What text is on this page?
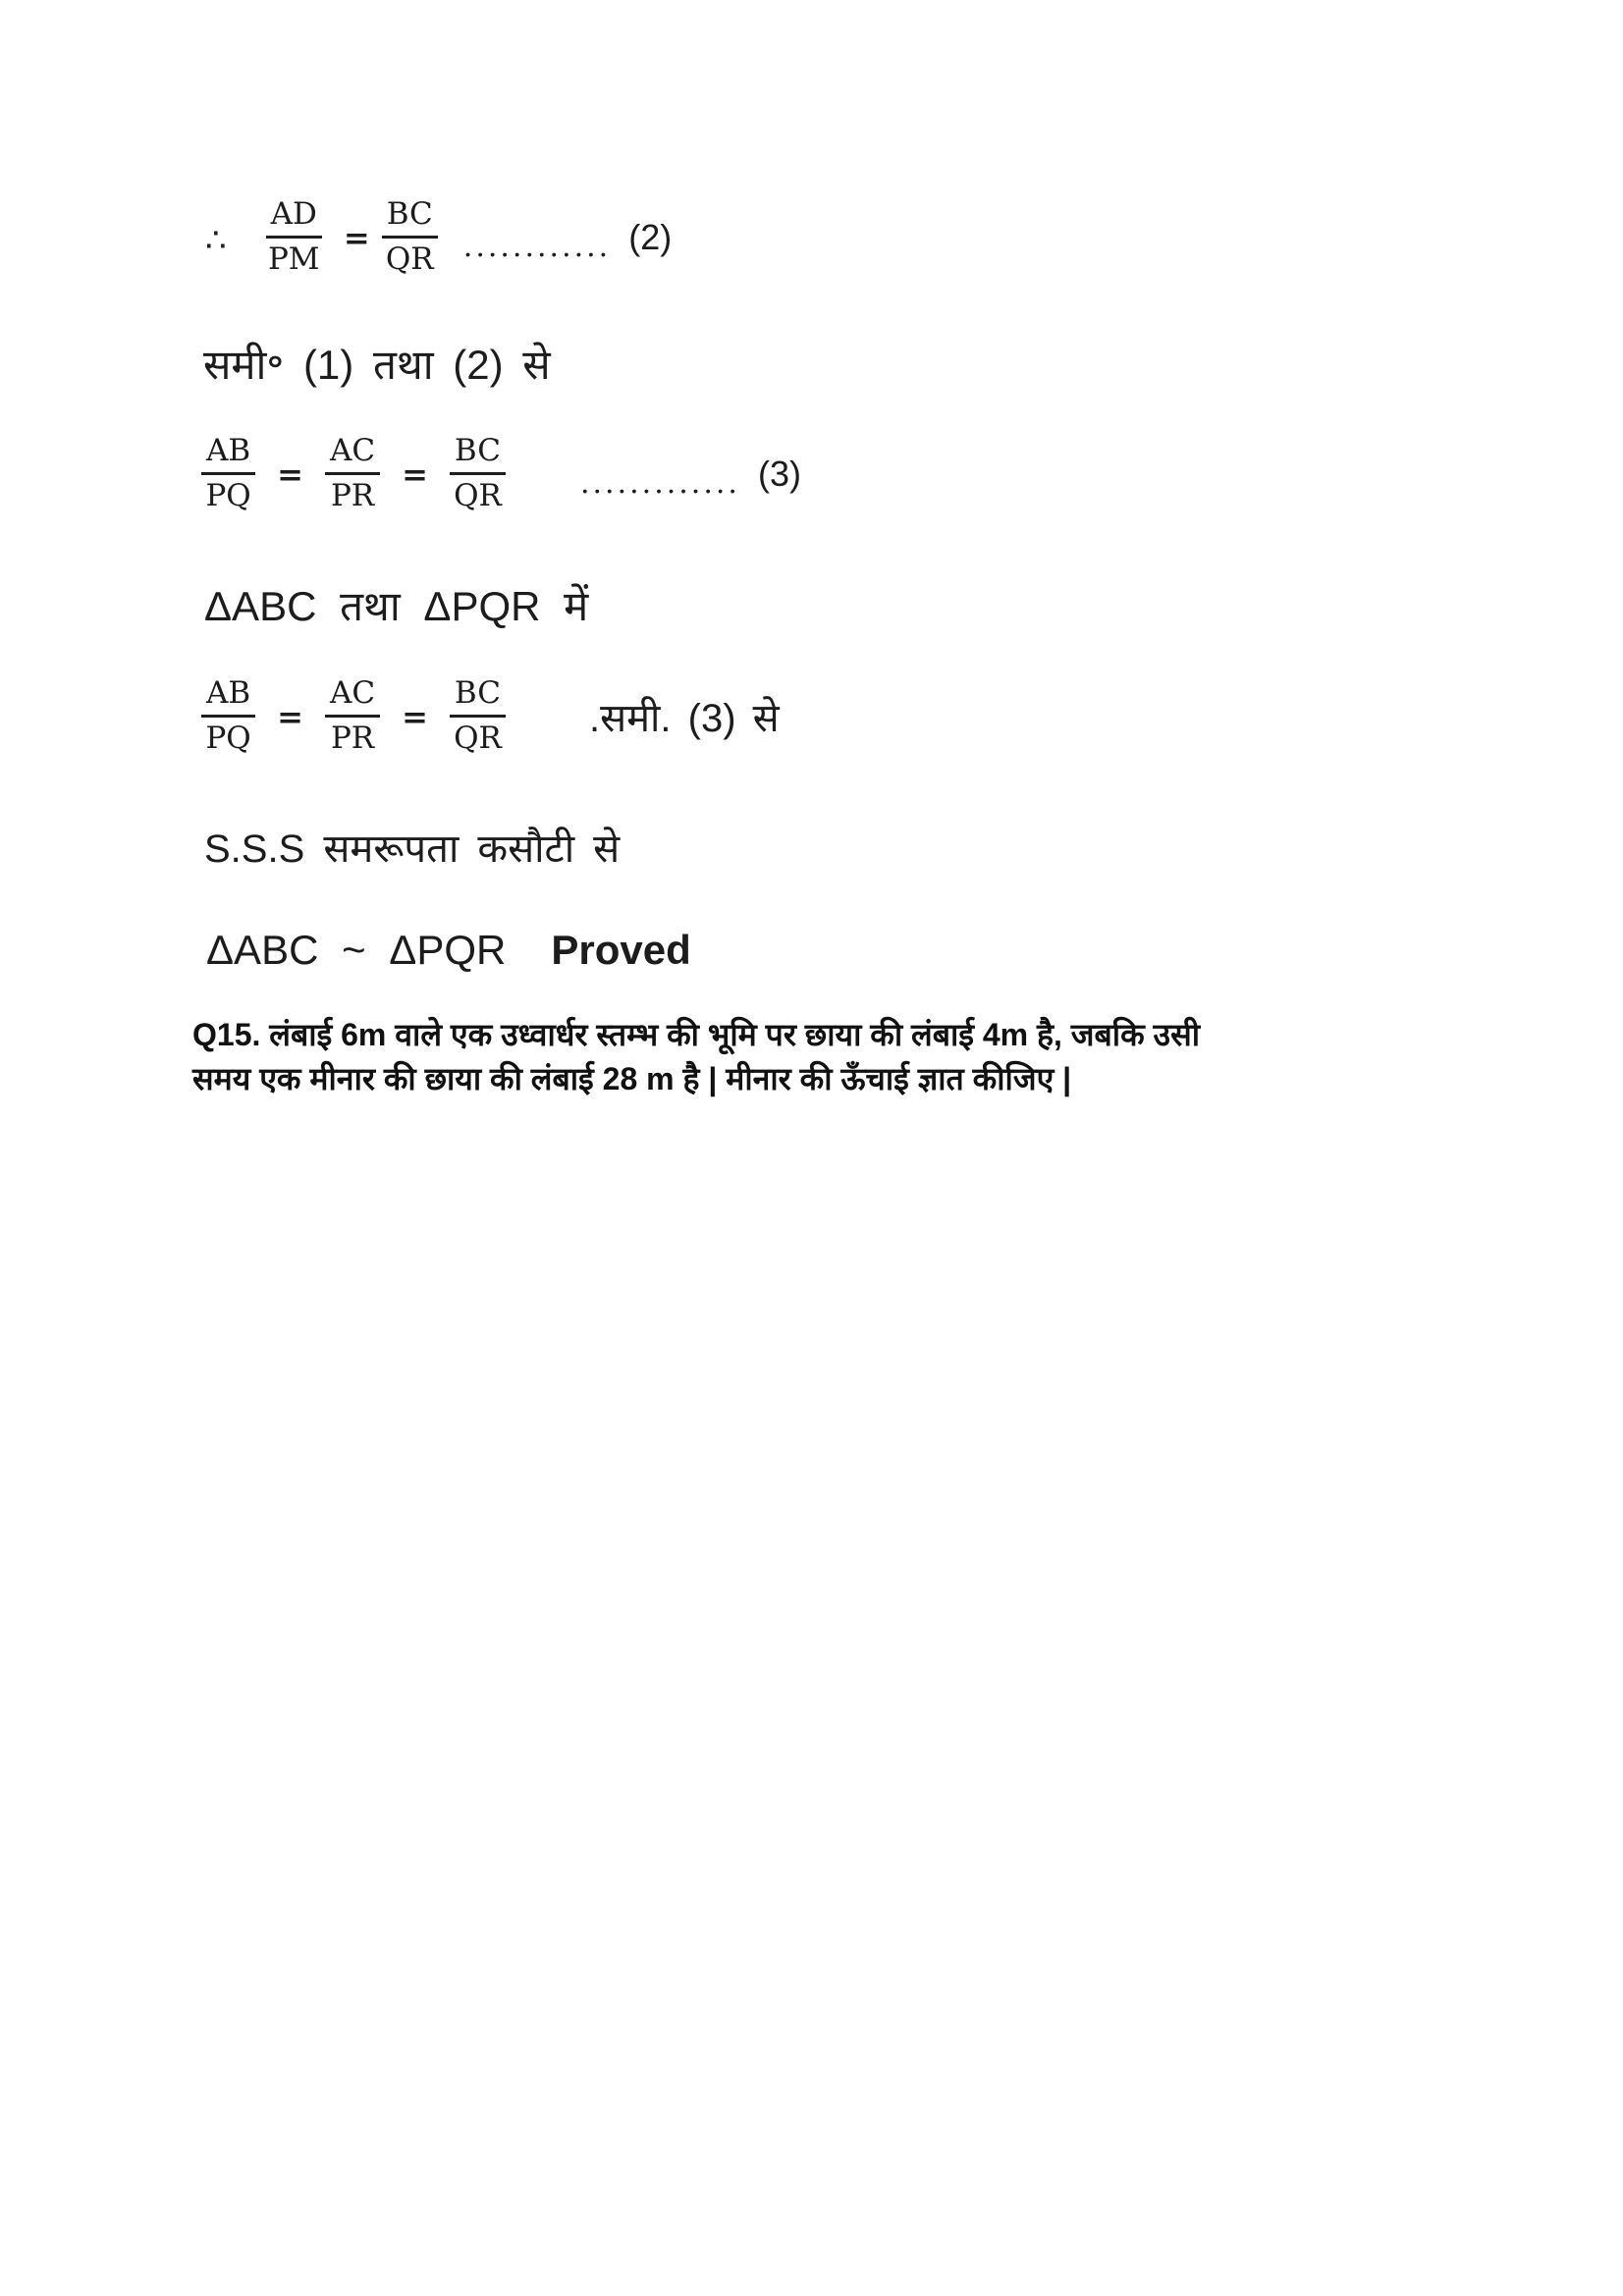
∴ $\frac{AD}{PM} = \frac{BC}{QR}$ ............ (2)
समी॰ (1) तथा (2) से
$\frac{AB}{PQ} = \frac{AC}{PR} = \frac{BC}{QR}$	............. (3)
ΔABC तथा ΔPQR में
$\frac{AB}{PQ} = \frac{AC}{PR} = \frac{BC}{QR}$ .समी. (3) से
S.S.S समरूपता कसौटी से
ΔABC ~ ΔPQR Proved
Q15. लंबाई 6m वाले एक उध्वार्धर स्तम्भ की भूमि पर छाया की लंबाई 4m है, जबकि उसी
समय एक मीनार की छाया की लंबाई 28 m है | मीनार की ऊँचाई ज्ञात कीजिए |
